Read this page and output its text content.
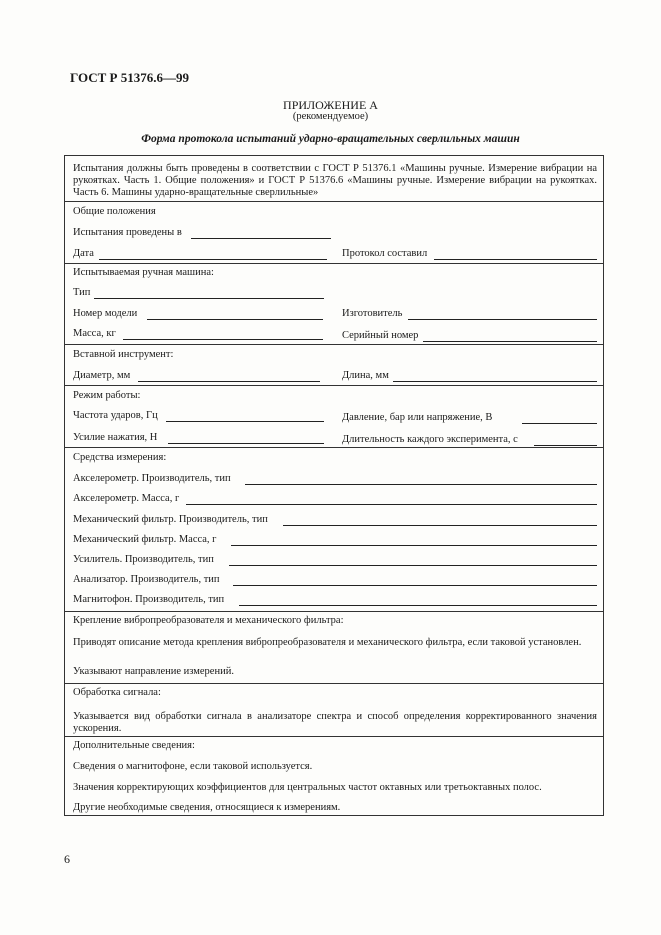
ГОСТ Р 51376.6—99
ПРИЛОЖЕНИЕ А
(рекомендуемое)
Форма протокола испытаний ударно-вращательных сверлильных машин
Испытания должны быть проведены в соответствии с ГОСТ Р 51376.1 «Машины ручные. Измерение вибрации на рукоятках. Часть 1. Общие положения» и ГОСТ Р 51376.6 «Машины ручные. Измерение вибрации на рукоятках. Часть 6. Машины ударно-вращательные сверлильные»
Общие положения
Испытания проведены в
Дата	Протокол составил
Испытываемая ручная машина:
Тип
Номер модели	Изготовитель
Масса, кг	Серийный номер
Вставной инструмент:
Диаметр, мм	Длина, мм
Режим работы:
Частота ударов, Гц	Давление, бар или напряжение, В
Усилие нажатия, Н	Длительность каждого эксперимента, с
Средства измерения:
Акселерометр. Производитель, тип
Акселерометр. Масса, г
Механический фильтр. Производитель, тип
Механический фильтр. Масса, г
Усилитель. Производитель, тип
Анализатор. Производитель, тип
Магнитофон. Производитель, тип
Крепление вибропреобразователя и механического фильтра:
Приводят описание метода крепления вибропреобразователя и механического фильтра, если таковой установлен.
Указывают направление измерений.
Обработка сигнала:
Указывается вид обработки сигнала в анализаторе спектра и способ определения корректированного значения ускорения.
Дополнительные сведения:
Сведения о магнитофоне, если таковой используется.
Значения корректирующих коэффициентов для центральных частот октавных или третьоктавных полос.
Другие необходимые сведения, относящиеся к измерениям.
6
